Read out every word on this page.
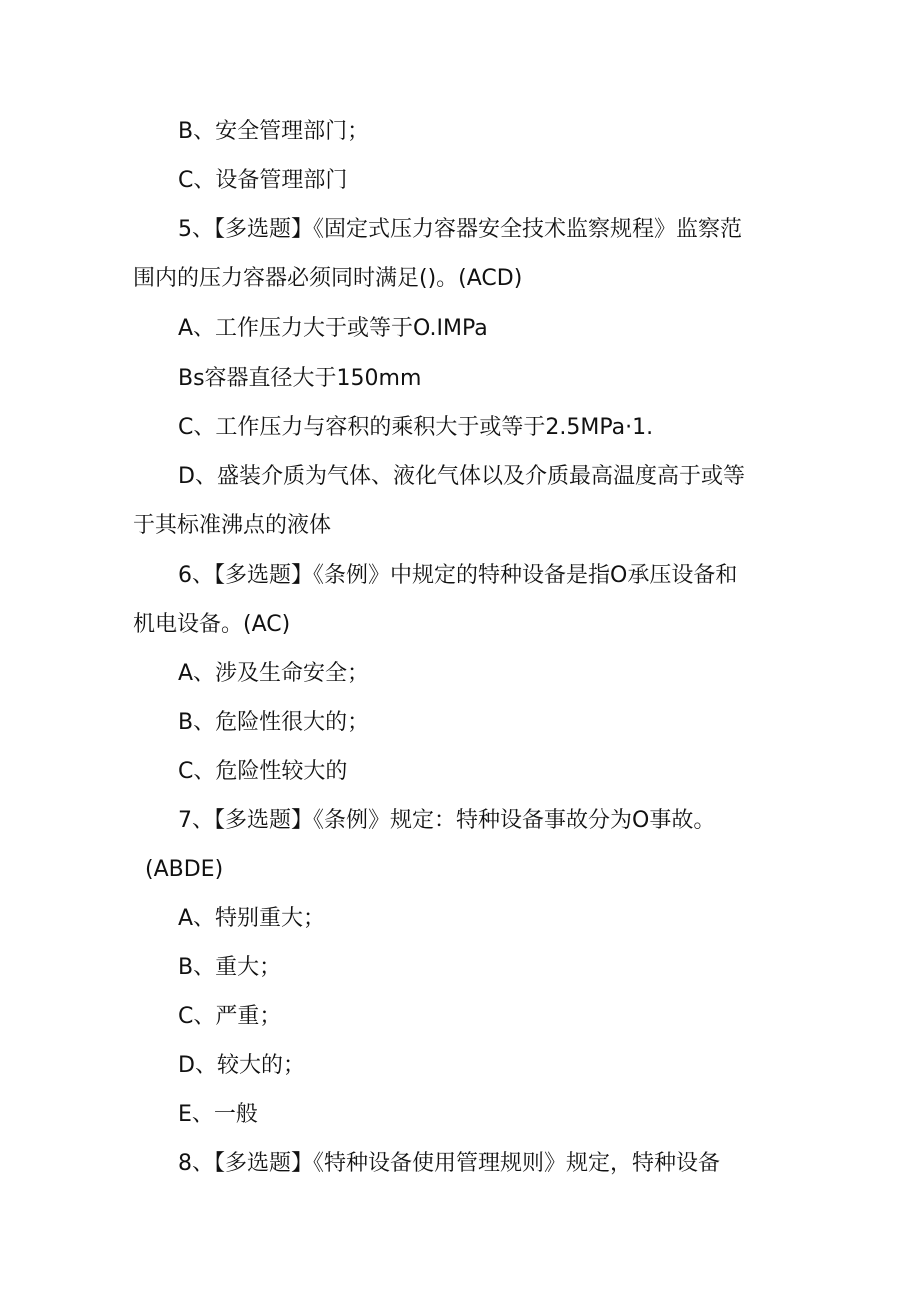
B、安全管理部门；
C、设备管理部门
5、【多选题】《固定式压力容器安全技术监察规程》监察范
围内的压力容器必须同时满足()。(ACD)
A、工作压力大于或等于O.IMPa
Bs容器直径大于150mm
C、工作压力与容积的乘积大于或等于2.5MPa·1.
D、盛装介质为气体、液化气体以及介质最高温度高于或等
于其标准沸点的液体
6、【多选题】《条例》中规定的特种设备是指O承压设备和
机电设备。(AC)
A、涉及生命安全；
B、危险性很大的；
C、危险性较大的
7、【多选题】《条例》规定：特种设备事故分为O事故。
(ABDE)
A、特别重大；
B、重大；
C、严重；
D、较大的；
E、一般
8、【多选题】《特种设备使用管理规则》规定，特种设备
